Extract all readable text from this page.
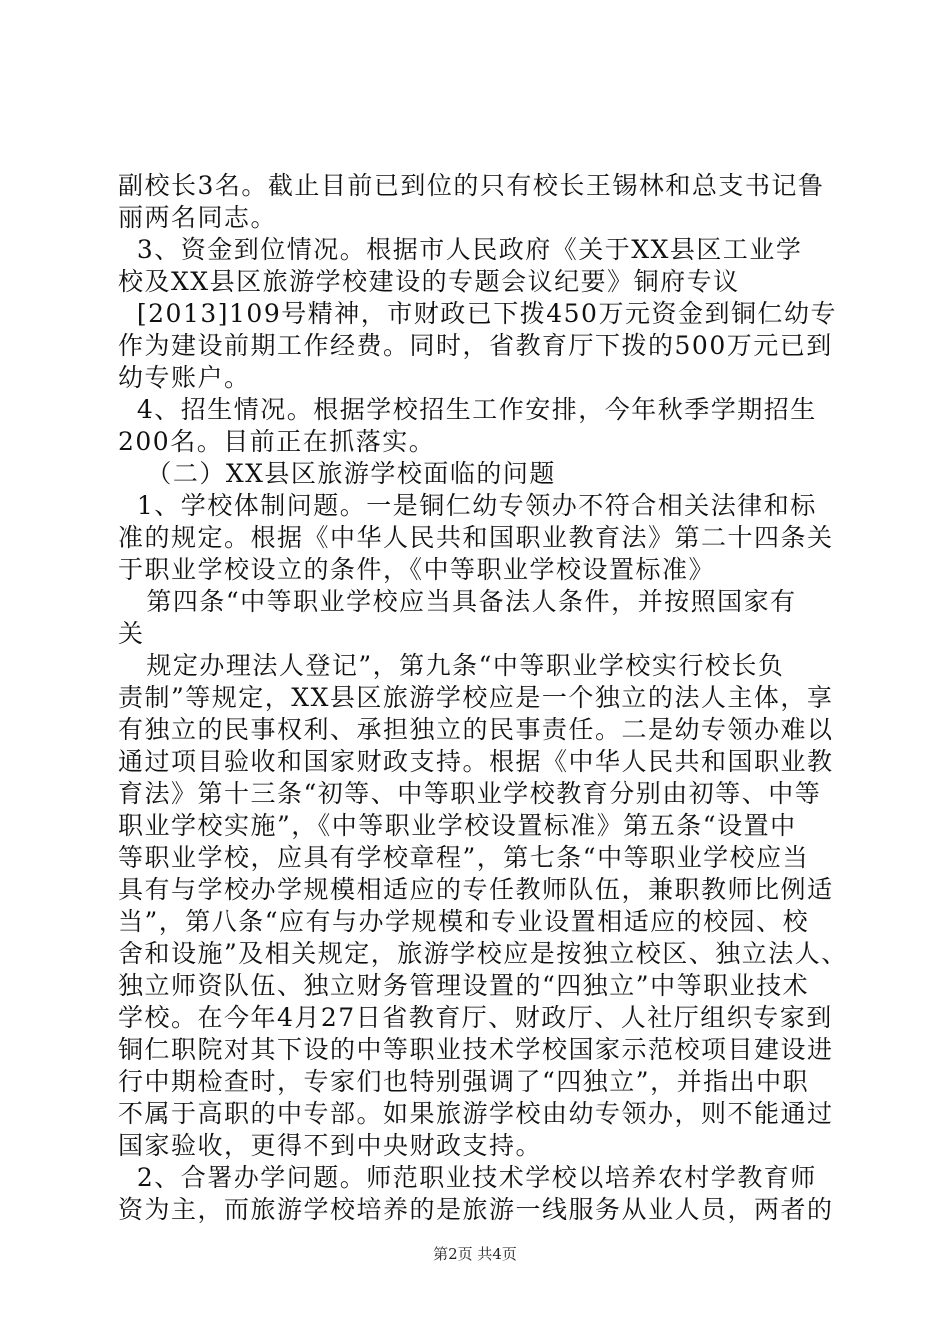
副校长3名。截止目前已到位的只有校长王锡林和总支书记鲁
丽两名同志。
3、资金到位情况。根据市人民政府《关于XX县区工业学
校及XX县区旅游学校建设的专题会议纪要》铜府专议
[2013]109号精神，市财政已下拨450万元资金到铜仁幼专
作为建设前期工作经费。同时，省教育厅下拨的500万元已到
幼专账户。
4、招生情况。根据学校招生工作安排，今年秋季学期招生
200名。目前正在抓落实。
（二）XX县区旅游学校面临的问题
1、学校体制问题。一是铜仁幼专领办不符合相关法律和标
准的规定。根据《中华人民共和国职业教育法》第二十四条关
于职业学校设立的条件，《中等职业学校设置标准》
第四条“中等职业学校应当具备法人条件，并按照国家有
关
规定办理法人登记”，第九条“中等职业学校实行校长负
责制”等规定，XX县区旅游学校应是一个独立的法人主体，享
有独立的民事权利、承担独立的民事责任。二是幼专领办难以
通过项目验收和国家财政支持。根据《中华人民共和国职业教
育法》第十三条“初等、中等职业学校教育分别由初等、中等
职业学校实施”，《中等职业学校设置标准》第五条“设置中
等职业学校，应具有学校章程”，第七条“中等职业学校应当
具有与学校办学规模相适应的专任教师队伍，兼职教师比例适
当”，第八条“应有与办学规模和专业设置相适应的校园、校
舍和设施”及相关规定，旅游学校应是按独立校区、独立法人、
独立师资队伍、独立财务管理设置的“四独立”中等职业技术
学校。在今年4月27日省教育厅、财政厅、人社厅组织专家到
铜仁职院对其下设的中等职业技术学校国家示范校项目建设进
行中期检查时，专家们也特别强调了“四独立”，并指出中职
不属于高职的中专部。如果旅游学校由幼专领办，则不能通过
国家验收，更得不到中央财政支持。
2、合署办学问题。师范职业技术学校以培养农村学教育师
资为主，而旅游学校培养的是旅游一线服务从业人员，两者的
第2页 共4页
